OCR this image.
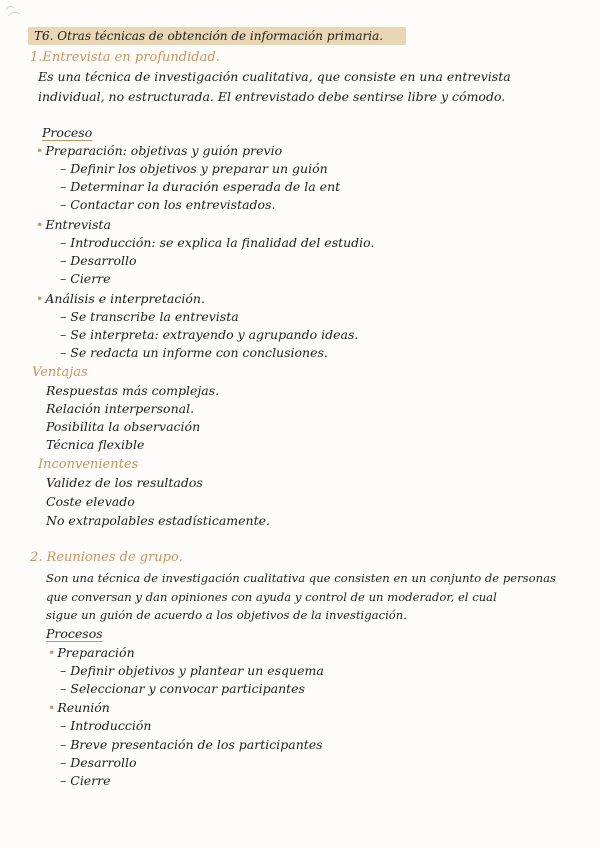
T6. Otras técnicas de obtención de información primaria.
1.Entrevista en profundidad.
Es una técnica de investigación cualitativa, que consiste en una entrevista
individual, no estructurada. El entrevistado debe sentirse libre y cómodo.
Proceso
• Preparación: objetivas y guión previo
– Definir los objetivos y preparar un guión
– Determinar la duración esperada de la ent
– Contactar con los entrevistados.
• Entrevista
– Introducción: se explica la finalidad del estudio.
– Desarrollo
– Cierre
• Análisis e interpretación.
– Se transcribe la entrevista
– Se interpreta: extrayendo y agrupando ideas.
– Se redacta un informe con conclusiones.
Ventajas
Respuestas más complejas.
Relación interpersonal.
Posibilita la observación
Técnica flexible
Inconvenientes
Validez de los resultados
Coste elevado
No extrapolables estadísticamente.
2. Reuniones de grupo.
Son una técnica de investigación cualitativa que consisten en un conjunto de personas
que conversan y dan opiniones con ayuda y control de un moderador, el cual
sigue un guión de acuerdo a los objetivos de la investigación.
Procesos
• Preparación
– Definir objetivos y plantear un esquema
– Seleccionar y convocar participantes
• Reunión
– Introducción
– Breve presentación de los participantes
– Desarrollo
– Cierre
